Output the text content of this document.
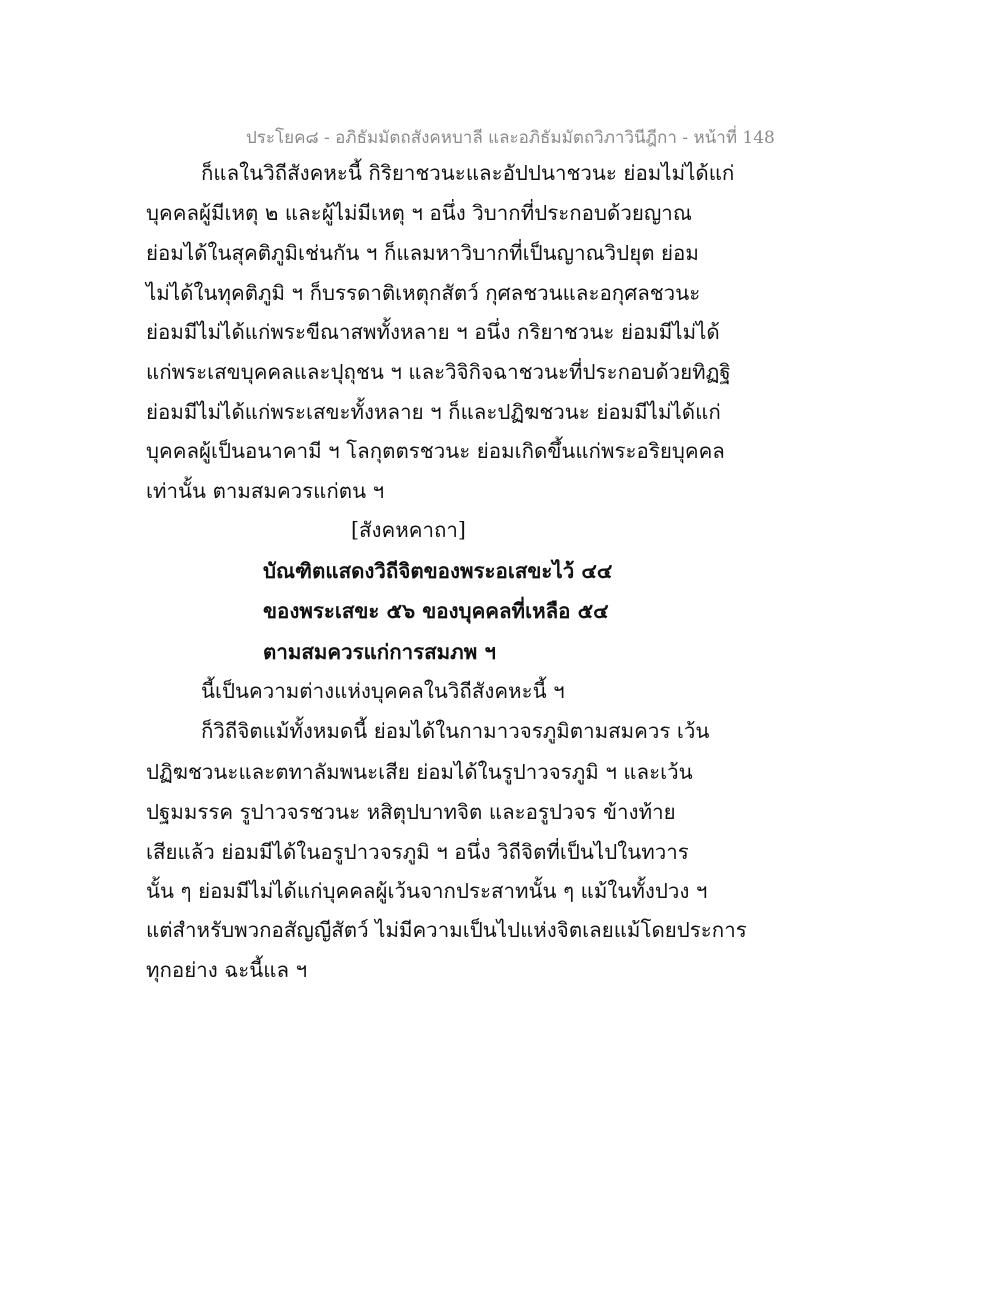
ประโยค๘ - อภิธัมมัตถสังคหบาลี และอภิธัมมัตถวิภาวินีฎีกา - หน้าที่ 148
ก็แลในวิถีสังคหะนี้ กิริยาชวนะและอัปปนาชวนะ ย่อมไม่ได้แก่
บุคคลผู้มีเหตุ ๒ และผู้ไม่มีเหตุ ฯ อนึ่ง วิบากที่ประกอบด้วยญาณ
ย่อมได้ในสุคติภูมิเช่นกัน ฯ ก็แลมหาวิบากที่เป็นญาณวิปยุต ย่อม
ไม่ได้ในทุคติภูมิ ฯ ก็บรรดาติเหตุกสัตว์ กุศลชวนและอกุศลชวนะ
ย่อมมีไม่ได้แก่พระขีณาสพทั้งหลาย ฯ อนึ่ง กริยาชวนะ ย่อมมีไม่ได้
แก่พระเสขบุคคลและปุถุชน ฯ และวิจิกิจฉาชวนะที่ประกอบด้วยทิฏฐิ
ย่อมมีไม่ได้แก่พระเสขะทั้งหลาย ฯ ก็และปฏิฆชวนะ ย่อมมีไม่ได้แก่
บุคคลผู้เป็นอนาคามี ฯ โลกุตตรชวนะ ย่อมเกิดขึ้นแก่พระอริยบุคคล
เท่านั้น ตามสมควรแก่ตน ฯ
[สังคหคาถา]
บัณฑิตแสดงวิถีจิตของพระอเสขะไว้ ๔๔
ของพระเสขะ ๕๖ ของบุคคลที่เหลือ ๕๔
ตามสมควรแก่การสมภพ ฯ
นี้เป็นความต่างแห่งบุคคลในวิถีสังคหะนี้ ฯ
ก็วิถีจิตแม้ทั้งหมดนี้ ย่อมได้ในกามาวจรภูมิตามสมควร เว้น
ปฏิฆชวนะและตทาลัมพนะเสีย ย่อมได้ในรูปาวจรภูมิ ฯ และเว้น
ปฐมมรรค รูปาวจรชวนะ หสิตุปบาทจิต และอรูปวจร ข้างท้าย
เสียแล้ว ย่อมมีได้ในอรูปาวจรภูมิ ฯ อนึ่ง วิถีจิตที่เป็นไปในทวาร
นั้น ๆ ย่อมมีไม่ได้แก่บุคคลผู้เว้นจากประสาทนั้น ๆ แม้ในทั้งปวง ฯ
แต่สำหรับพวกอสัญญีสัตว์ ไม่มีความเป็นไปแห่งจิตเลยแม้โดยประการ
ทุกอย่าง ฉะนี้แล ฯ
